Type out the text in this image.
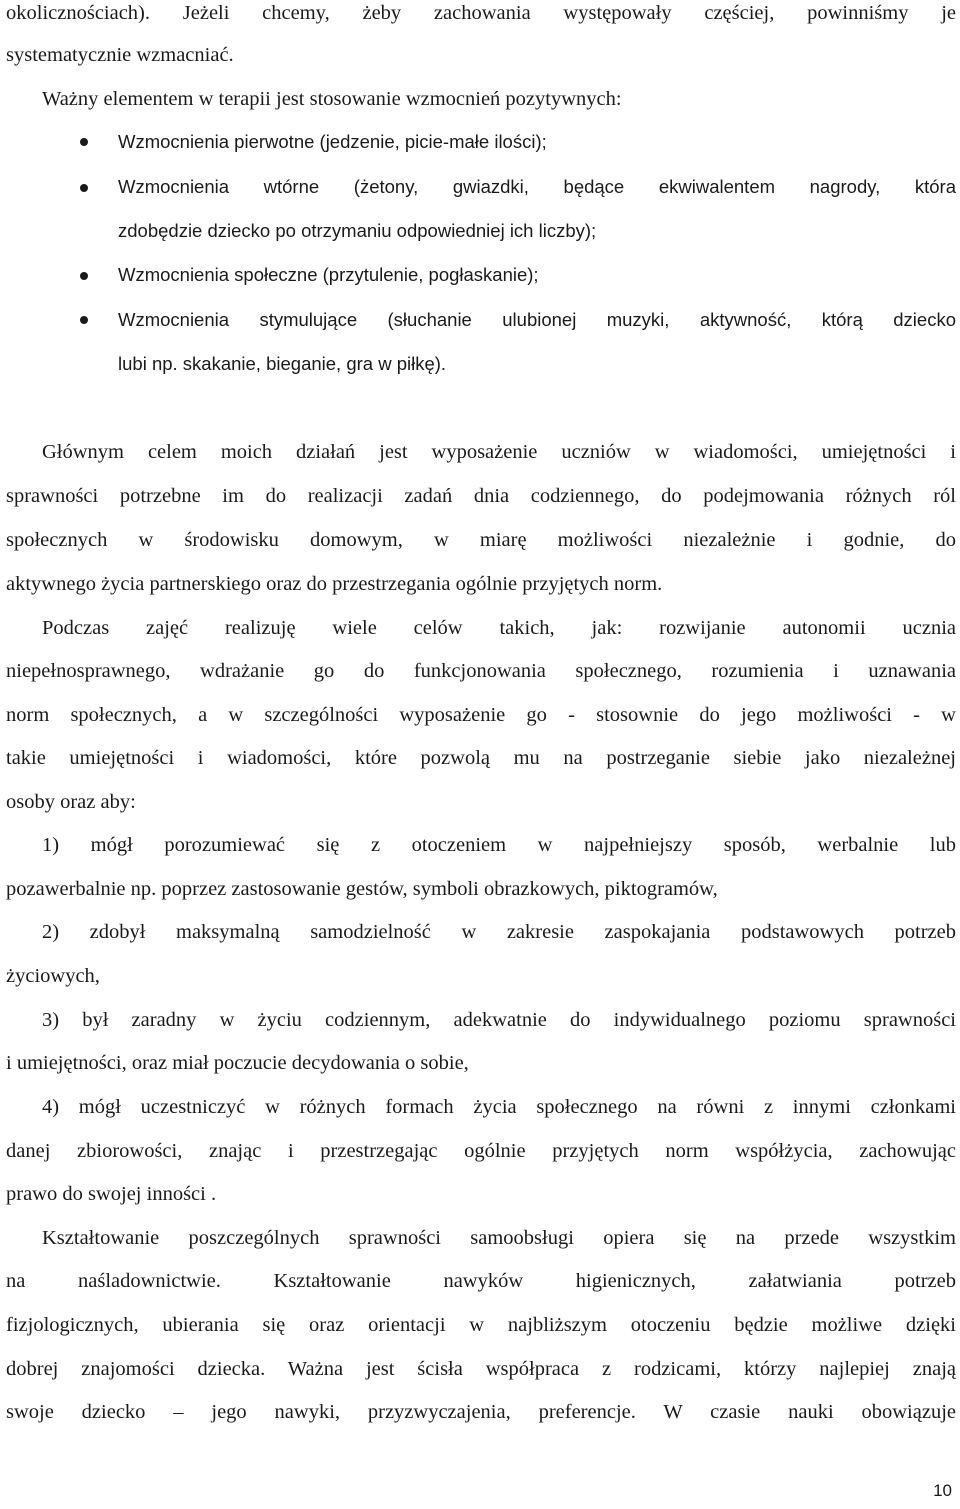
okolicznościach). Jeżeli chcemy, żeby zachowania występowały częściej, powinniśmy je
systematycznie wzmacniać.
Ważny elementem w terapii jest stosowanie wzmocnień pozytywnych:
Wzmocnienia pierwotne (jedzenie, picie-małe ilości);
Wzmocnienia wtórne (żetony, gwiazdki, będące ekwiwalentem nagrody, która
zdobędzie dziecko po otrzymaniu odpowiedniej ich liczby);
Wzmocnienia społeczne (przytulenie, pogłaskanie);
Wzmocnienia stymulujące (słuchanie ulubionej muzyki, aktywność, którą dziecko
lubi np. skakanie, bieganie, gra w piłkę).
Głównym celem moich działań jest wyposażenie uczniów w wiadomości, umiejętności i
sprawności potrzebne im do realizacji zadań dnia codziennego, do podejmowania różnych ról
społecznych w środowisku domowym, w miarę możliwości niezależnie i godnie, do
aktywnego życia partnerskiego oraz do przestrzegania ogólnie przyjętych norm.
Podczas zajęć realizuję wiele celów takich, jak: rozwijanie autonomii ucznia
niepełnosprawnego, wdrażanie go do funkcjonowania społecznego, rozumienia i uznawania
norm społecznych, a w szczególności wyposażenie go - stosownie do jego możliwości - w
takie umiejętności i wiadomości, które pozwolą mu na postrzeganie siebie jako niezależnej
osoby oraz aby:
1) mógł porozumiewać się z otoczeniem w najpełniejszy sposób, werbalnie lub
pozawerbalnie np. poprzez zastosowanie gestów, symboli obrazkowych, piktogramów,
2) zdobył maksymalną samodzielność w zakresie zaspokajania podstawowych potrzeb
życiowych,
3) był zaradny w życiu codziennym, adekwatnie do indywidualnego poziomu sprawności
i umiejętności, oraz miał poczucie decydowania o sobie,
4) mógł uczestniczyć w różnych formach życia społecznego na równi z innymi członkami
danej zbiorowości, znając i przestrzegając ogólnie przyjętych norm współżycia, zachowując
prawo do swojej inności .
Kształtowanie poszczególnych sprawności samoobsługi opiera się na przede wszystkim
na naśladownictwie. Kształtowanie nawyków higienicznych, załatwiania potrzeb
fizjologicznych, ubierania się oraz orientacji w najbliższym otoczeniu będzie możliwe dzięki
dobrej znajomości dziecka. Ważna jest ścisła współpraca z rodzicami, którzy najlepiej znają
swoje dziecko – jego nawyki, przyzwyczajenia, preferencje. W czasie nauki obowiązuje
10
